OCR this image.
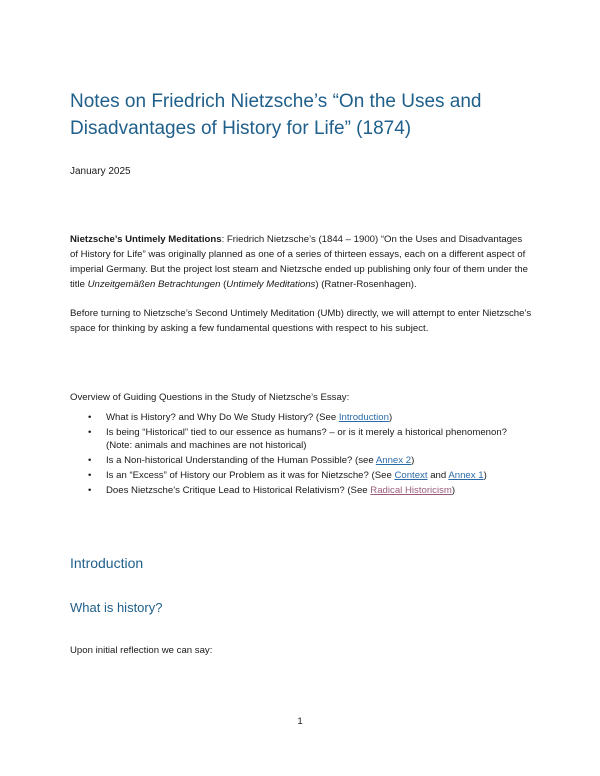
Notes on Friedrich Nietzsche’s “On the Uses and Disadvantages of History for Life” (1874)

January 2025

Nietzsche’s Untimely Meditations: Friedrich Nietzsche’s (1844 – 1900) “On the Uses and Disadvantages of History for Life” was originally planned as one of a series of thirteen essays, each on a different aspect of imperial Germany. But the project lost steam and Nietzsche ended up publishing only four of them under the title Unzeitgemäßen Betrachtungen (Untimely Meditations) (Ratner-Rosenhagen).

Before turning to Nietzsche’s Second Untimely Meditation (UMb) directly, we will attempt to enter Nietzsche’s space for thinking by asking a few fundamental questions with respect to his subject.

Overview of Guiding Questions in the Study of Nietzsche’s Essay:

• What is History? and Why Do We Study History? (See Introduction)
• Is being “Historical” tied to our essence as humans? – or is it merely a historical phenomenon? (Note: animals and machines are not historical)
• Is a Non-historical Understanding of the Human Possible? (see Annex 2)
• Is an “Excess” of History our Problem as it was for Nietzsche? (See Context and Annex 1)
• Does Nietzsche’s Critique Lead to Historical Relativism? (See Radical Historicism)
Introduction
What is history?

Upon initial reflection we can say:

1
